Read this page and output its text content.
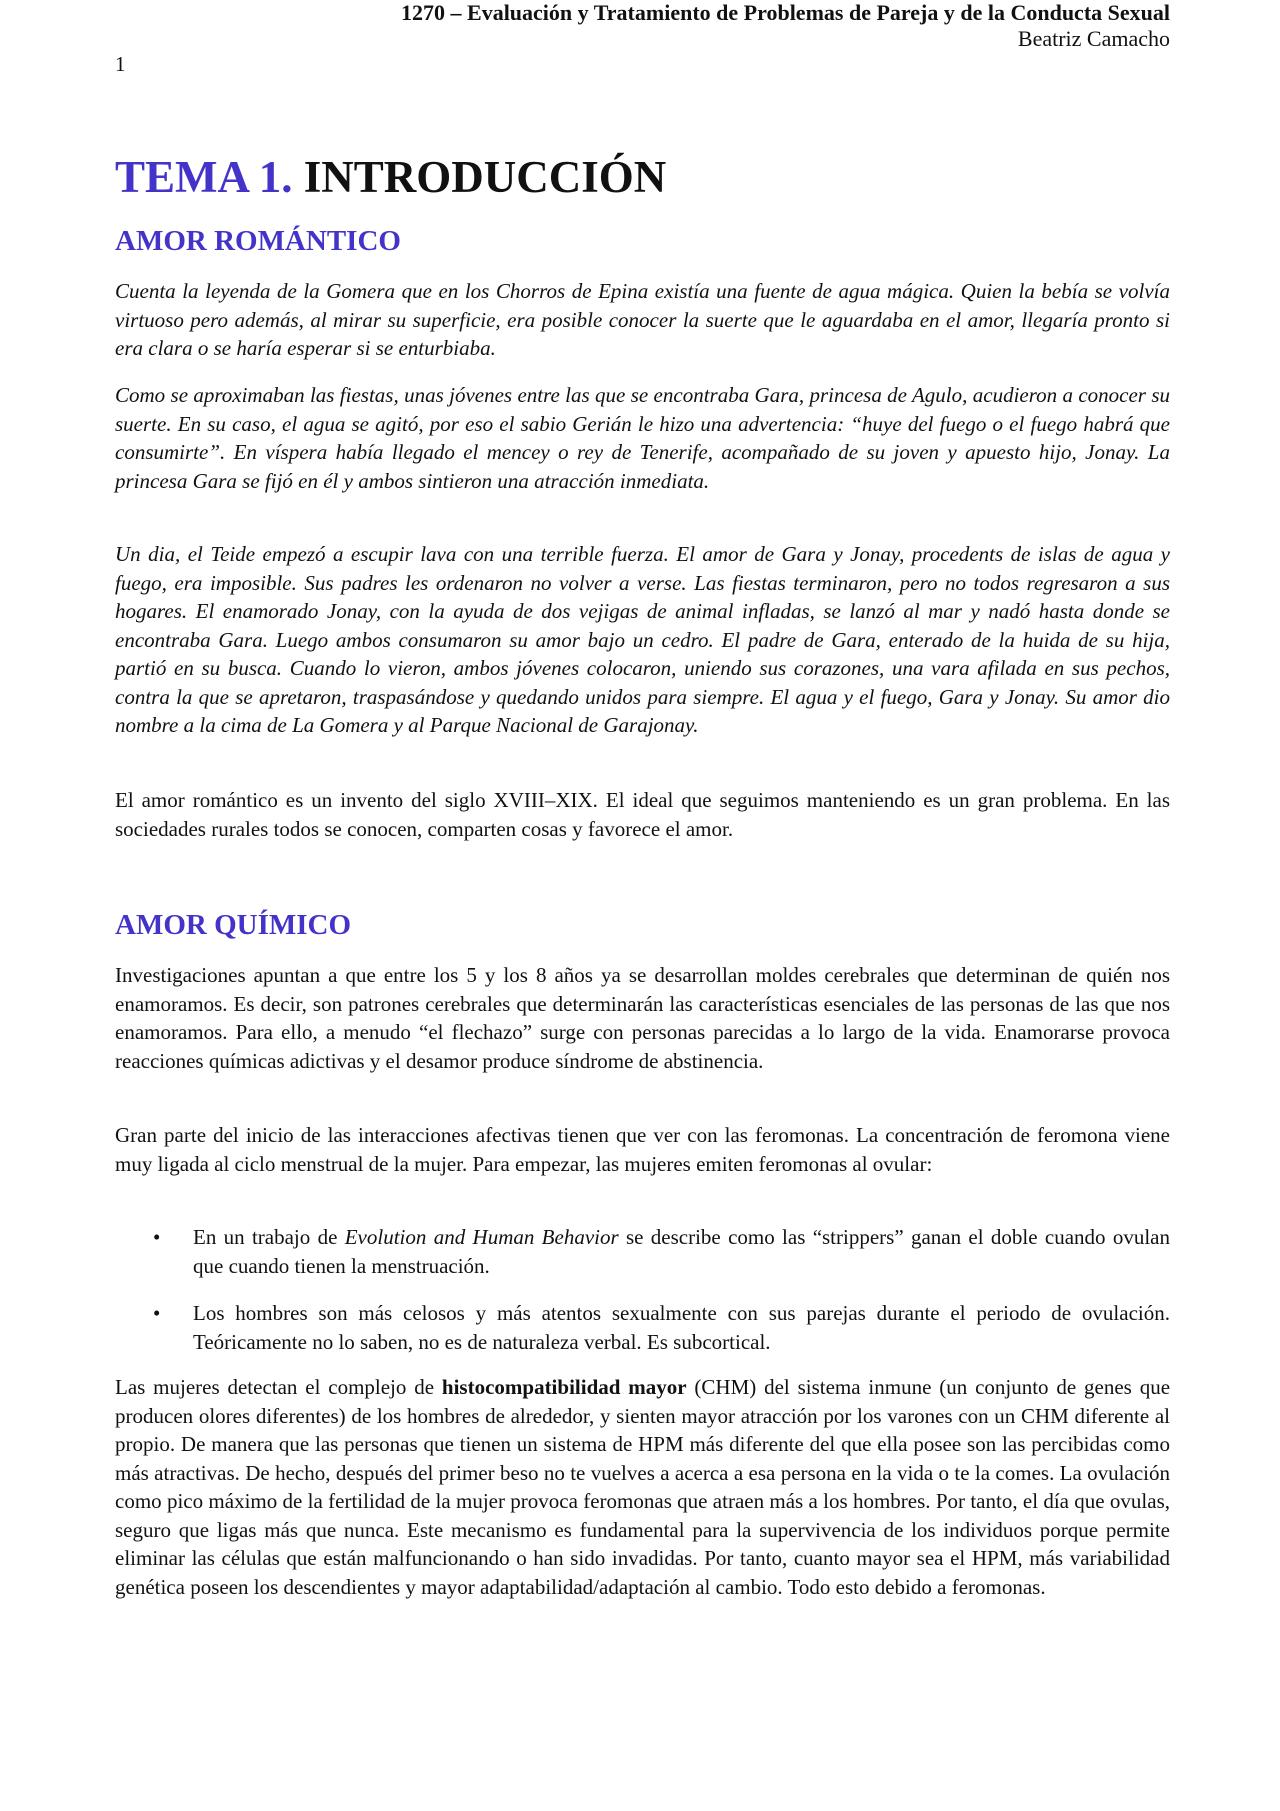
1270 – Evaluación y Tratamiento de Problemas de Pareja y de la Conducta Sexual
Beatriz Camacho
1
TEMA 1. INTRODUCCIÓN
AMOR ROMÁNTICO

Cuenta la leyenda de la Gomera que en los Chorros de Epina existía una fuente de agua mágica. Quien la bebía se volvía virtuoso pero además, al mirar su superficie, era posible conocer la suerte que le aguardaba en el amor, llegaría pronto si era clara o se haría esperar si se enturbiaba.

Como se aproximaban las fiestas, unas jóvenes entre las que se encontraba Gara, princesa de Agulo, acudieron a conocer su suerte. En su caso, el agua se agitó, por eso el sabio Gerián le hizo una advertencia: “huye del fuego o el fuego habrá que consumirte”. En víspera había llegado el mencey o rey de Tenerife, acompañado de su joven y apuesto hijo, Jonay. La princesa Gara se fijó en él y ambos sintieron una atracción inmediata.

Un dia, el Teide empezó a escupir lava con una terrible fuerza. El amor de Gara y Jonay, procedents de islas de agua y fuego, era imposible. Sus padres les ordenaron no volver a verse. Las fiestas terminaron, pero no todos regresaron a sus hogares. El enamorado Jonay, con la ayuda de dos vejigas de animal infladas, se lanzó al mar y nadó hasta donde se encontraba Gara. Luego ambos consumaron su amor bajo un cedro. El padre de Gara, enterado de la huida de su hija, partió en su busca. Cuando lo vieron, ambos jóvenes colocaron, uniendo sus corazones, una vara afilada en sus pechos, contra la que se apretaron, traspasándose y quedando unidos para siempre. El agua y el fuego, Gara y Jonay. Su amor dio nombre a la cima de La Gomera y al Parque Nacional de Garajonay.

El amor romántico es un invento del siglo XVIII–XIX. El ideal que seguimos manteniendo es un gran problema. En las sociedades rurales todos se conocen, comparten cosas y favorece el amor.

AMOR QUÍMICO

Investigaciones apuntan a que entre los 5 y los 8 años ya se desarrollan moldes cerebrales que determinan de quién nos enamoramos. Es decir, son patrones cerebrales que determinarán las características esenciales de las personas de las que nos enamoramos. Para ello, a menudo “el flechazo” surge con personas parecidas a lo largo de la vida. Enamorarse provoca reacciones químicas adictivas y el desamor produce síndrome de abstinencia.

Gran parte del inicio de las interacciones afectivas tienen que ver con las feromonas. La concentración de feromona viene muy ligada al ciclo menstrual de la mujer. Para empezar, las mujeres emiten feromonas al ovular:

• En un trabajo de Evolution and Human Behavior se describe como las “strippers” ganan el doble cuando ovulan que cuando tienen la menstruación.
• Los hombres son más celosos y más atentos sexualmente con sus parejas durante el periodo de ovulación. Teóricamente no lo saben, no es de naturaleza verbal. Es subcortical.

Las mujeres detectan el complejo de histocompatibilidad mayor (CHM) del sistema inmune (un conjunto de genes que producen olores diferentes) de los hombres de alrededor, y sienten mayor atracción por los varones con un CHM diferente al propio. De manera que las personas que tienen un sistema de HPM más diferente del que ella posee son las percibidas como más atractivas. De hecho, después del primer beso no te vuelves a acerca a esa persona en la vida o te la comes. La ovulación como pico máximo de la fertilidad de la mujer provoca feromonas que atraen más a los hombres. Por tanto, el día que ovulas, seguro que ligas más que nunca. Este mecanismo es fundamental para la supervivencia de los individuos porque permite eliminar las células que están malfuncionando o han sido invadidas. Por tanto, cuanto mayor sea el HPM, más variabilidad genética poseen los descendientes y mayor adaptabilidad/adaptación al cambio. Todo esto debido a feromonas.
